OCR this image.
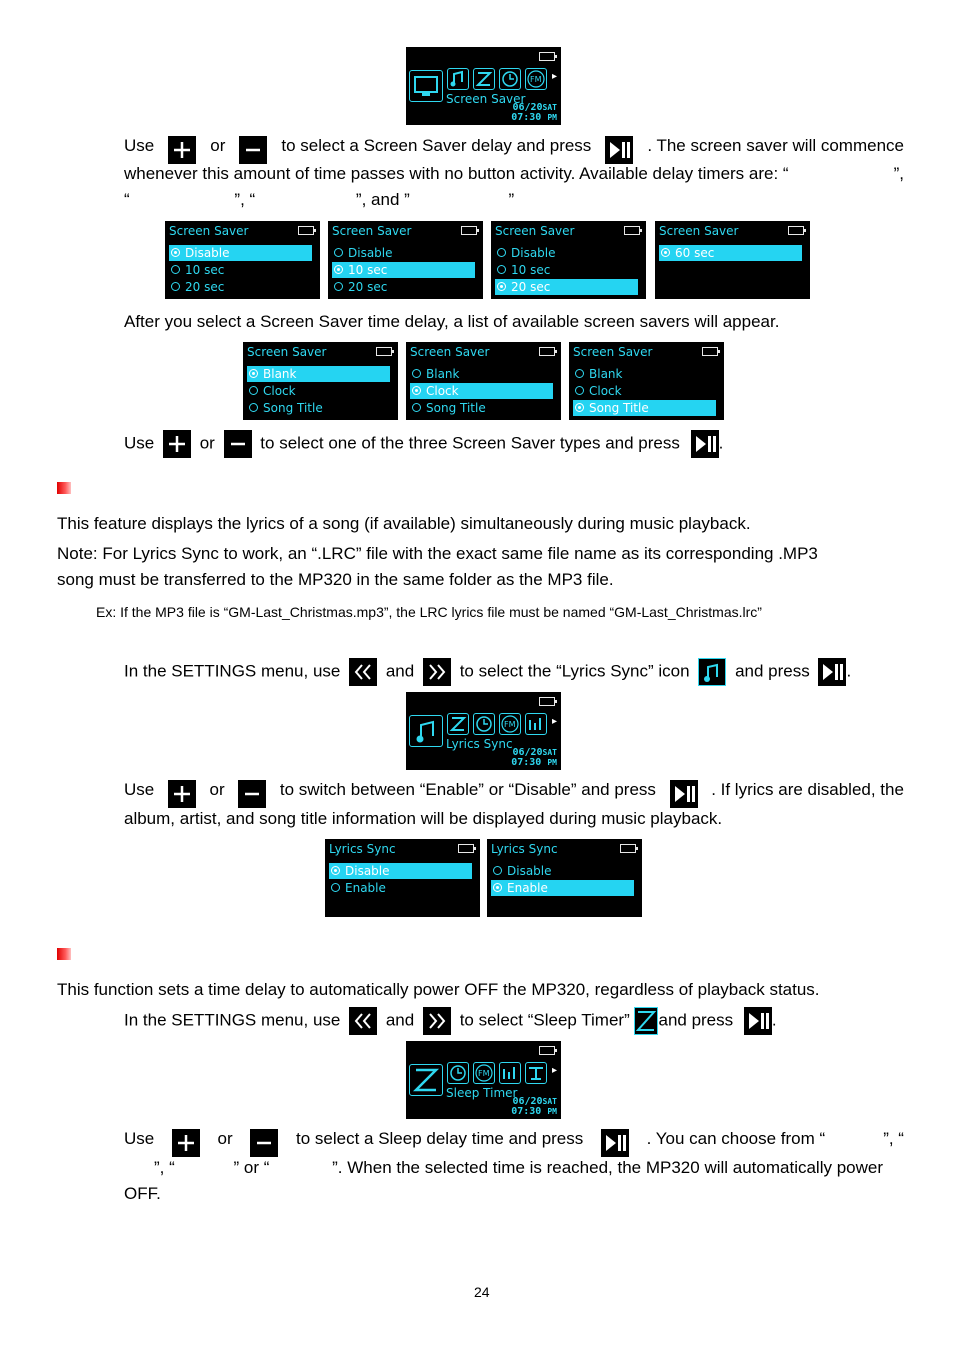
FM ▸
Screen Saver
06/20SAT
07:30 PM
Use	or	to select a Screen Saver delay and press	. The screen saver will commence
whenever this amount of time passes with no button activity. Available delay timers are: “	”,
“	”, “	”, and ”	”
Screen Saver
Disable
10 sec
20 sec
Screen Saver
Disable
10 sec
20 sec
Screen Saver
Disable
10 sec
20 sec
Screen Saver
60 sec
After you select a Screen Saver time delay, a list of available screen savers will appear.
Screen Saver
Blank
Clock
Song Title
Screen Saver
Blank
Clock
Song Title
Screen Saver
Blank
Clock
Song Title
Use	or	to select one of the three Screen Saver types and press .
This feature displays the lyrics of a song (if available) simultaneously during music playback.
Note: For Lyrics Sync to work, an “.LRC” file with the exact same file name as its corresponding .MP3
song must be transferred to the MP320 in the same folder as the MP3 file.
Ex: If the MP3 file is “GM-Last_Christmas.mp3”, the LRC lyrics file must be named “GM-Last_Christmas.lrc”
In the SETTINGS menu, use	and	to select the “Lyrics Sync” icon	and press .
FM	▸
Lyrics Sync
06/20SAT
07:30 PM
Use	or	to switch between “Enable” or “Disable” and press	. If lyrics are disabled, the
album, artist, and song title information will be displayed during music playback.
Lyrics Sync
Disable
Enable
Lyrics Sync
Disable
Enable
This function sets a time delay to automatically power OFF the MP320, regardless of playback status.
In the SETTINGS menu, use	and	to select “Sleep Timer” and press .
FM	▸
Sleep Timer
06/20SAT
07:30 PM
Use	or	to select a Sleep delay time and press	. You can choose from “	”, “
”, “	” or “	”. When the selected time is reached, the MP320 will automatically power
OFF.
24
